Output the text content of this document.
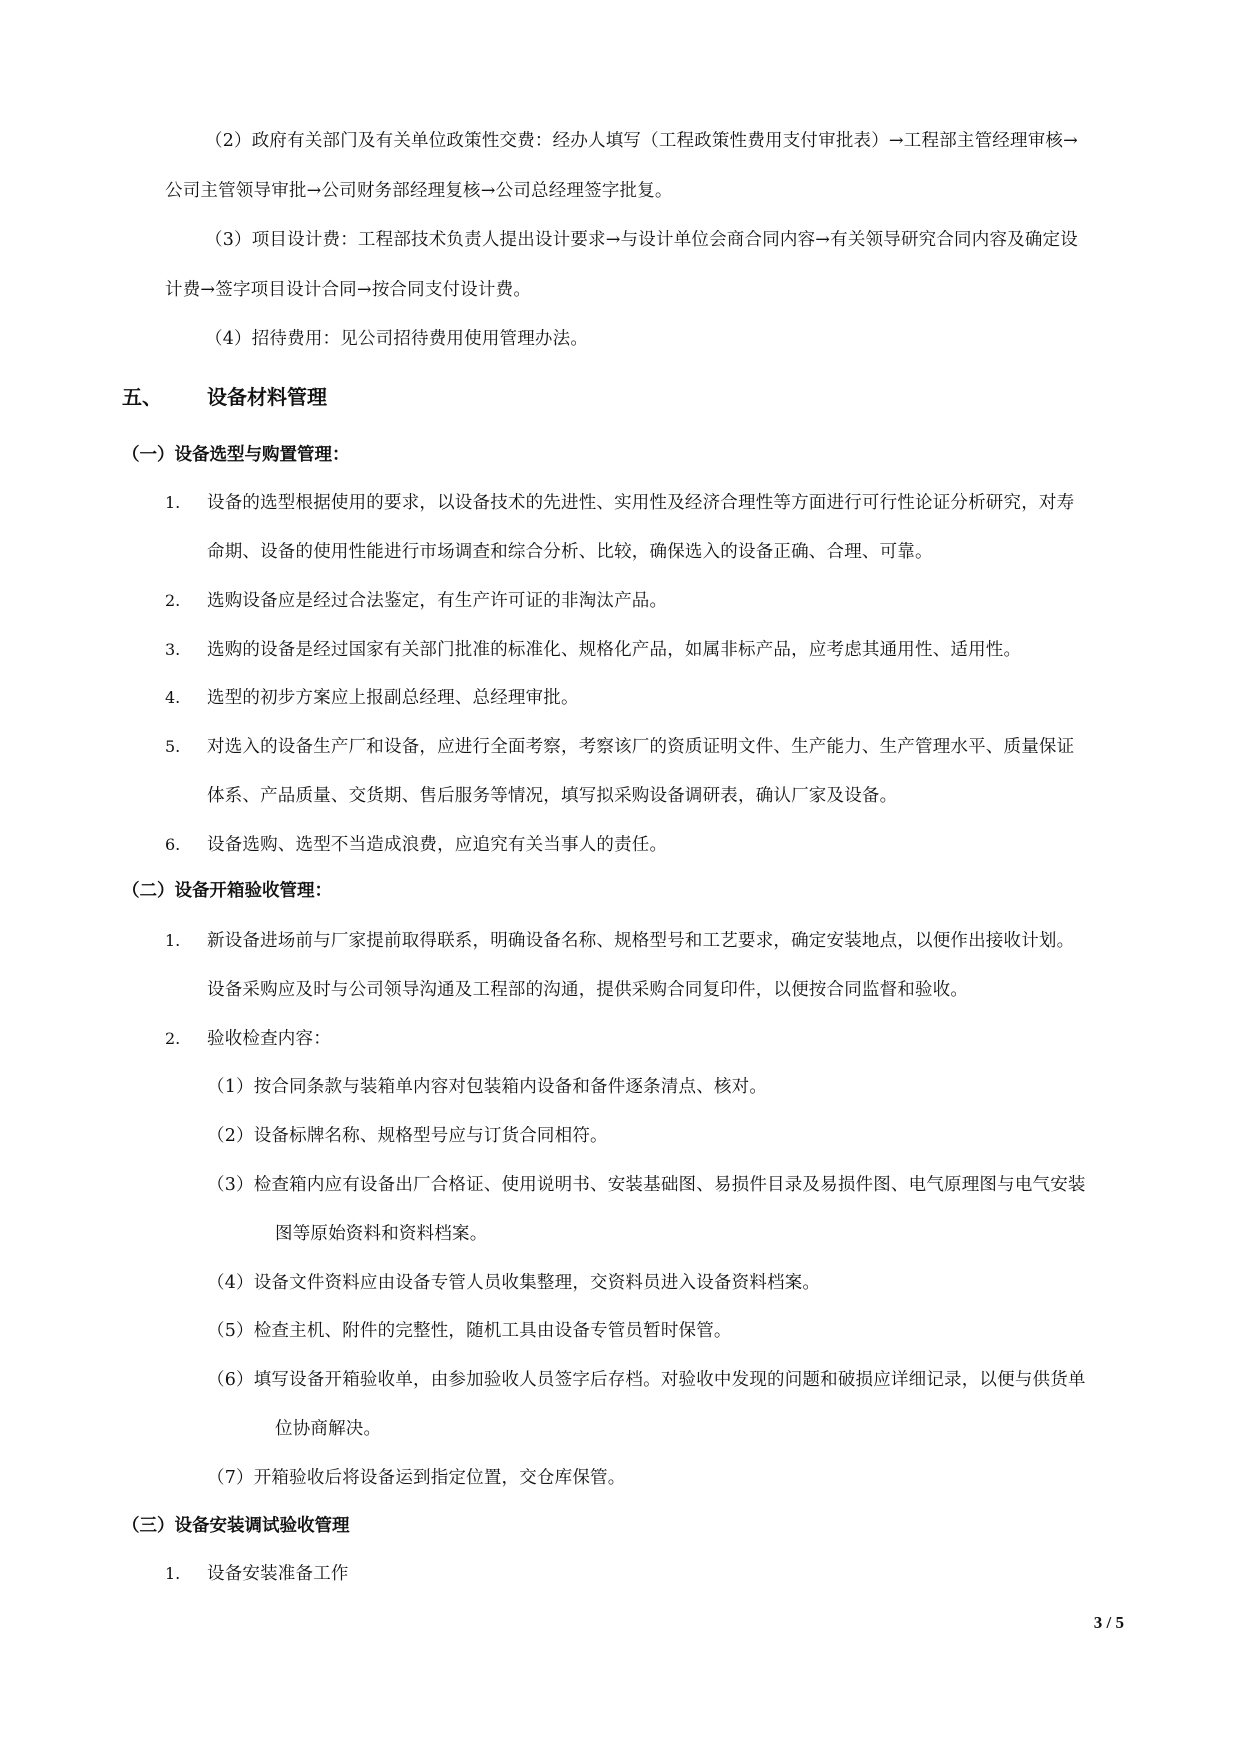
（2）政府有关部门及有关单位政策性交费：经办人填写（工程政策性费用支付审批表）→工程部主管经理审核→
公司主管领导审批→公司财务部经理复核→公司总经理签字批复。
（3）项目设计费：工程部技术负责人提出设计要求→与设计单位会商合同内容→有关领导研究合同内容及确定设
计费→签字项目设计合同→按合同支付设计费。
（4）招待费用：见公司招待费用使用管理办法。
五、 设备材料管理
（一）设备选型与购置管理：
1. 设备的选型根据使用的要求，以设备技术的先进性、实用性及经济合理性等方面进行可行性论证分析研究，对寿
命期、设备的使用性能进行市场调查和综合分析、比较，确保选入的设备正确、合理、可靠。
2. 选购设备应是经过合法鉴定，有生产许可证的非淘汰产品。
3. 选购的设备是经过国家有关部门批准的标准化、规格化产品，如属非标产品，应考虑其通用性、适用性。
4. 选型的初步方案应上报副总经理、总经理审批。
5. 对选入的设备生产厂和设备，应进行全面考察，考察该厂的资质证明文件、生产能力、生产管理水平、质量保证
体系、产品质量、交货期、售后服务等情况，填写拟采购设备调研表，确认厂家及设备。
6. 设备选购、选型不当造成浪费，应追究有关当事人的责任。
（二）设备开箱验收管理：
1. 新设备进场前与厂家提前取得联系，明确设备名称、规格型号和工艺要求，确定安装地点，以便作出接收计划。
设备采购应及时与公司领导沟通及工程部的沟通，提供采购合同复印件，以便按合同监督和验收。
2. 验收检查内容：
（1）按合同条款与装箱单内容对包装箱内设备和备件逐条清点、核对。
（2）设备标牌名称、规格型号应与订货合同相符。
（3）检查箱内应有设备出厂合格证、使用说明书、安装基础图、易损件目录及易损件图、电气原理图与电气安装
图等原始资料和资料档案。
（4）设备文件资料应由设备专管人员收集整理，交资料员进入设备资料档案。
（5）检查主机、附件的完整性，随机工具由设备专管员暂时保管。
（6）填写设备开箱验收单，由参加验收人员签字后存档。对验收中发现的问题和破损应详细记录，以便与供货单
位协商解决。
（7）开箱验收后将设备运到指定位置，交仓库保管。
（三）设备安装调试验收管理
1. 设备安装准备工作
3 / 5
